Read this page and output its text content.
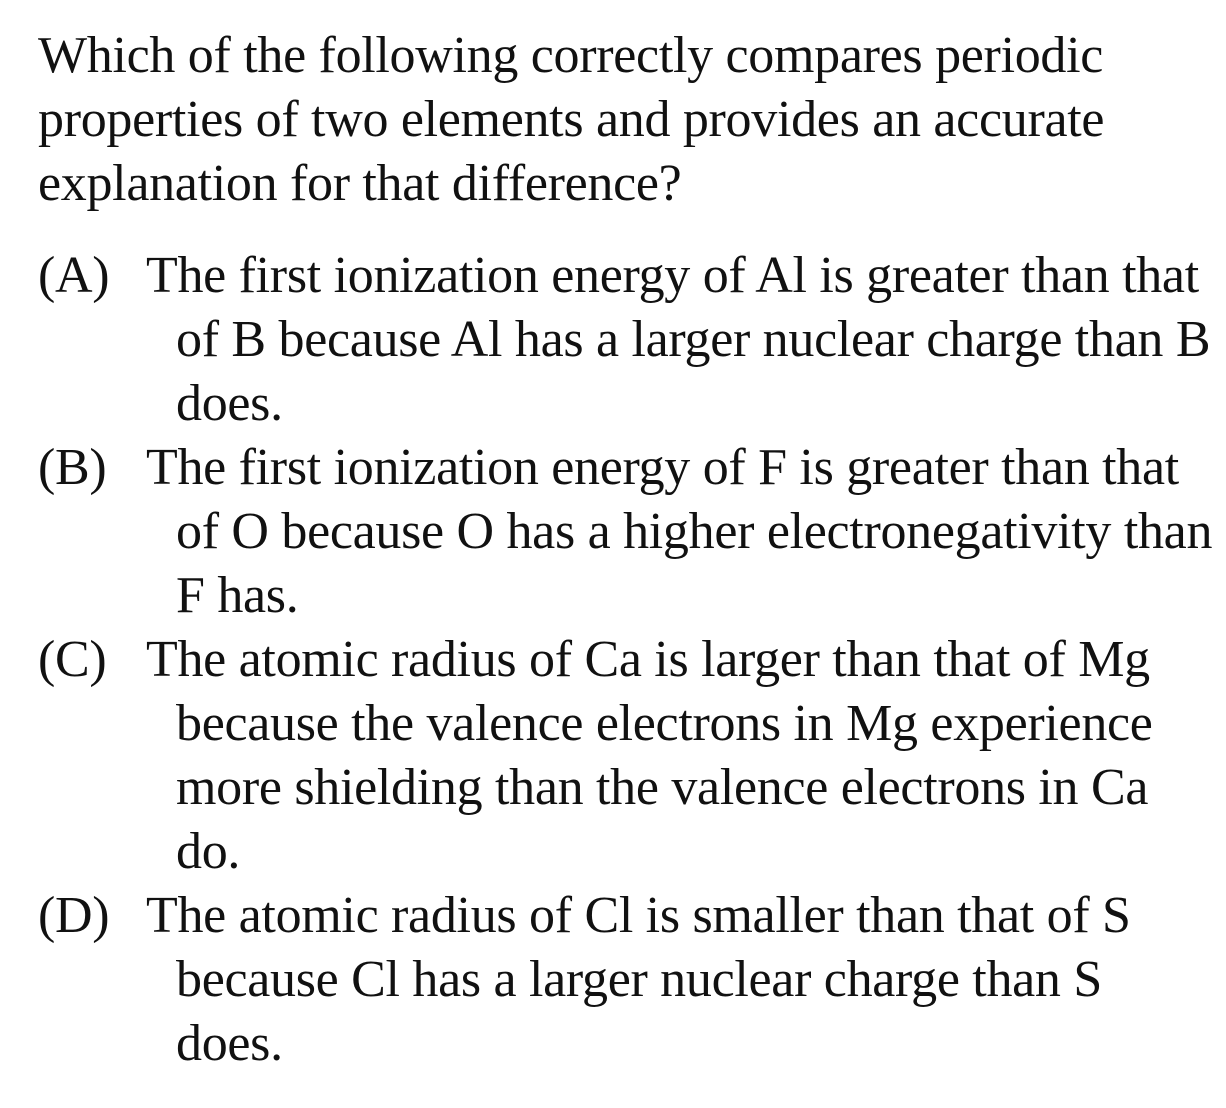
Which of the following correctly compares periodic properties of two elements and provides an accurate explanation for that difference?

(A) The first ionization energy of Al is greater than that of B because Al has a larger nuclear charge than B does.
(B) The first ionization energy of F is greater than that of O because O has a higher electronegativity than F has.
(C) The atomic radius of Ca is larger than that of Mg because the valence electrons in Mg experience more shielding than the valence electrons in Ca do.
(D) The atomic radius of Cl is smaller than that of S because Cl has a larger nuclear charge than S does.
